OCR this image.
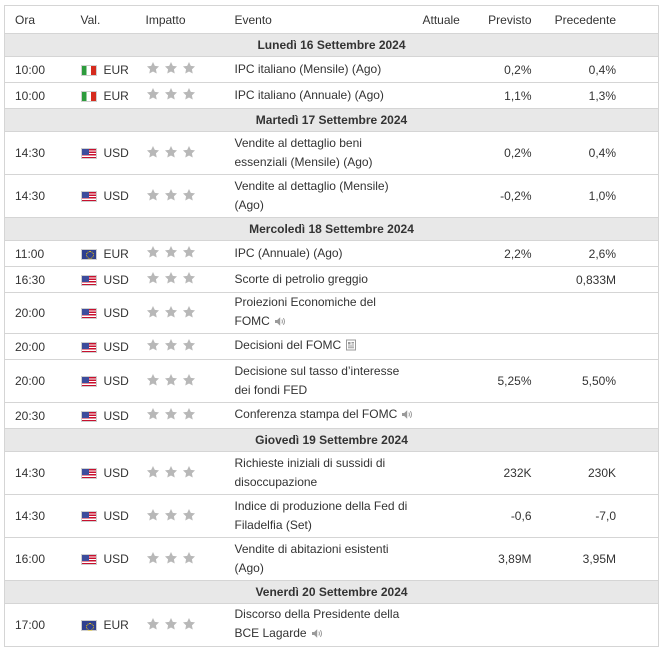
Ora	Val.	Impatto	Evento	Attuale	Previsto	Precedente
Lunedì 16 Settembre 2024						
10:00	EUR		IPC italiano (Mensile) (Ago)		0,2%	0,4%
10:00	EUR		IPC italiano (Annuale) (Ago)		1,1%	1,3%
Martedì 17 Settembre 2024						
14:30	USD		Vendite al dettaglio beni essenziali (Mensile) (Ago)		0,2%	0,4%
14:30	USD		Vendite al dettaglio (Mensile) (Ago)		-0,2%	1,0%
Mercoledì 18 Settembre 2024						
11:00	EUR		IPC (Annuale) (Ago)		2,2%	2,6%
16:30	USD		Scorte di petrolio greggio			0,833M
20:00	USD		Proiezioni Economiche del FOMC			

20:00	USD		Decisioni del FOMC			

20:00	USD		Decisione sul tasso d’interesse dei fondi FED		5,25%	5,50%
20:30	USD		Conferenza stampa del FOMC			

Giovedì 19 Settembre 2024						
14:30	USD		Richieste iniziali di sussidi di disoccupazione		232K	230K
14:30	USD		Indice di produzione della Fed di Filadelfia (Set)		-0,6	-7,0
16:00	USD		Vendite di abitazioni esistenti (Ago)		3,89M	3,95M
Venerdì 20 Settembre 2024						
17:00	EUR		Discorso della Presidente della BCE Lagarde			
